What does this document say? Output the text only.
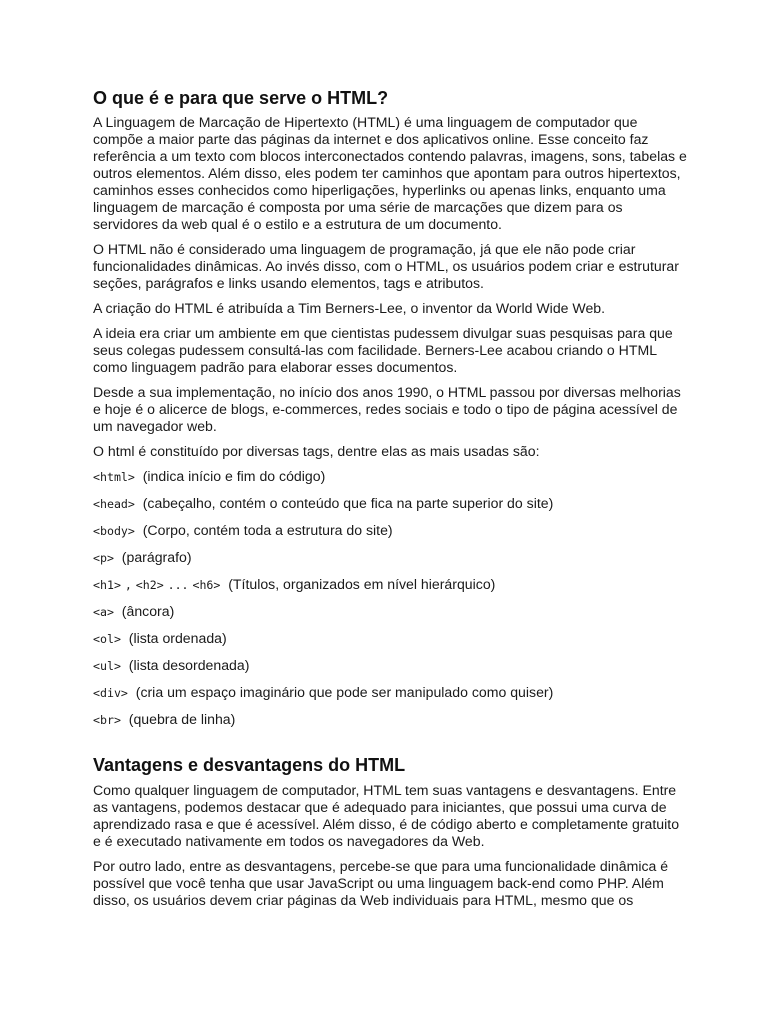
O que é e para que serve o HTML?

A Linguagem de Marcação de Hipertexto (HTML) é uma linguagem de computador que compõe a maior parte das páginas da internet e dos aplicativos online. Esse conceito faz referência a um texto com blocos interconectados contendo palavras, imagens, sons, tabelas e outros elementos. Além disso, eles podem ter caminhos que apontam para outros hipertextos, caminhos esses conhecidos como hiperligações, hyperlinks ou apenas links, enquanto uma linguagem de marcação é composta por uma série de marcações que dizem para os servidores da web qual é o estilo e a estrutura de um documento.

O HTML não é considerado uma linguagem de programação, já que ele não pode criar funcionalidades dinâmicas. Ao invés disso, com o HTML, os usuários podem criar e estruturar seções, parágrafos e links usando elementos, tags e atributos.

A criação do HTML é atribuída a Tim Berners-Lee, o inventor da World Wide Web.

A ideia era criar um ambiente em que cientistas pudessem divulgar suas pesquisas para que seus colegas pudessem consultá-las com facilidade. Berners-Lee acabou criando o HTML como linguagem padrão para elaborar esses documentos.

Desde a sua implementação, no início dos anos 1990, o HTML passou por diversas melhorias e hoje é o alicerce de blogs, e-commerces, redes sociais e todo o tipo de página acessível de um navegador web.

O html é constituído por diversas tags, dentre elas as mais usadas são:

<html> (indica início e fim do código)

<head> (cabeçalho, contém o conteúdo que fica na parte superior do site)

<body> (Corpo, contém toda a estrutura do site)

<p> (parágrafo)

<h1> , <h2> ... <h6> (Títulos, organizados em nível hierárquico)

<a> (âncora)

<ol> (lista ordenada)

<ul> (lista desordenada)

<div> (cria um espaço imaginário que pode ser manipulado como quiser)

<br> (quebra de linha)

Vantagens e desvantagens do HTML

Como qualquer linguagem de computador, HTML tem suas vantagens e desvantagens. Entre as vantagens, podemos destacar que é adequado para iniciantes, que possui uma curva de aprendizado rasa e que é acessível. Além disso, é de código aberto e completamente gratuito e é executado nativamente em todos os navegadores da Web.

Por outro lado, entre as desvantagens, percebe-se que para uma funcionalidade dinâmica é possível que você tenha que usar JavaScript ou uma linguagem back-end como PHP. Além disso, os usuários devem criar páginas da Web individuais para HTML, mesmo que os
